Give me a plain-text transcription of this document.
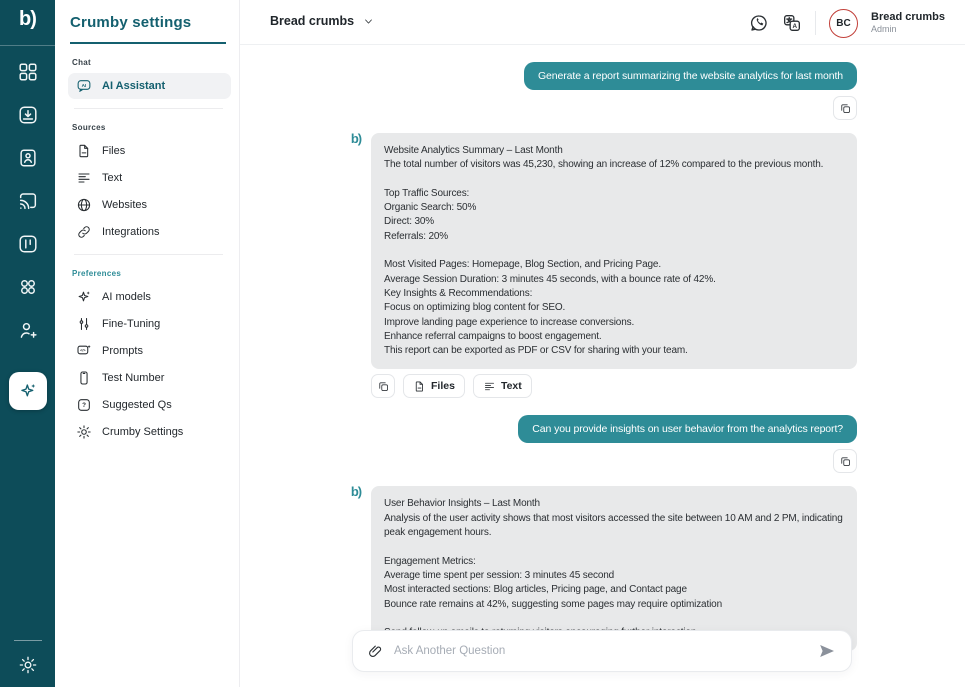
b)	Crumby settings
Chat
AI AI Assistant
Sources
Files
Text
Websites
Integrations
Preferences
AI models
Fine-Tuning
</> Prompts
Test Number
? Suggested Qs
Crumby Settings
Bread crumbs	A	BC
Bread crumbs
Admin
Generate a report summarizing the website analytics for last month
b)
Website Analytics Summary – Last Month
The total number of visitors was 45,230, showing an increase of 12% compared to the previous month.
Top Traffic Sources:
Organic Search: 50%
Direct: 30%
Referrals: 20%
Most Visited Pages: Homepage, Blog Section, and Pricing Page.
Average Session Duration: 3 minutes 45 seconds, with a bounce rate of 42%.
Key Insights & Recommendations:
Focus on optimizing blog content for SEO.
Improve landing page experience to increase conversions.
Enhance referral campaigns to boost engagement.
This report can be exported as PDF or CSV for sharing with your team.
Files	Text
Can you provide insights on user behavior from the analytics report?
b)
User Behavior Insights – Last Month
Analysis of the user activity shows that most visitors accessed the site between 10 AM and 2 PM, indicating peak engagement hours.
Engagement Metrics:
Average time spent per session: 3 minutes 45 second
Most interacted sections: Blog articles, Pricing page, and Contact page
Bounce rate remains at 42%, suggesting some pages may require optimization
Ask Another Question
